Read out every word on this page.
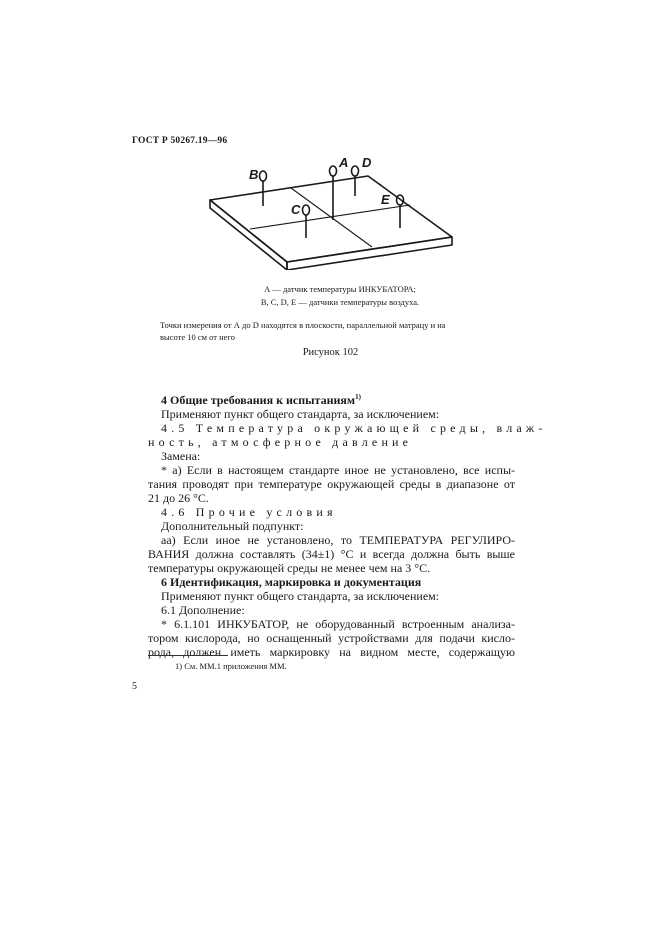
ГОСТ Р 50267.19—96
B
A D
C
E
А — датчик температуры ИНКУБАТОРА;
B, C, D, E — датчики температуры воздуха.
Точки измерения от А до D находятся в плоскости, параллельной матрацу и на
высоте 10 см от него
Рисунок 102
4 Общие требования к испытаниям$^{1)}$
Применяют пункт общего стандарта, за исключением:
4.5 Температура окружающей среды, влаж-
ность, атмосферное давление
Замена:
* а) Если в настоящем стандарте иное не установлено, все испы-
тания проводят при температуре окружающей среды в диапазоне от
21 до 26 °С.
4.6 Прочие условия
Дополнительный подпункт:
аа) Если иное не установлено, то ТЕМПЕРАТУРА РЕГУЛИРО-
ВАНИЯ должна составлять (34±1) °С и всегда должна быть выше
температуры окружающей среды не менее чем на 3 °С.
6 Идентификация, маркировка и документация
Применяют пункт общего стандарта, за исключением:
6.1 Дополнение:
* 6.1.101 ИНКУБАТОР, не оборудованный встроенным анализа-
тором кислорода, но оснащенный устройствами для подачи кисло-
рода, должен иметь маркировку на видном месте, содержащую
1) См. ММ.1 приложения ММ.
5
